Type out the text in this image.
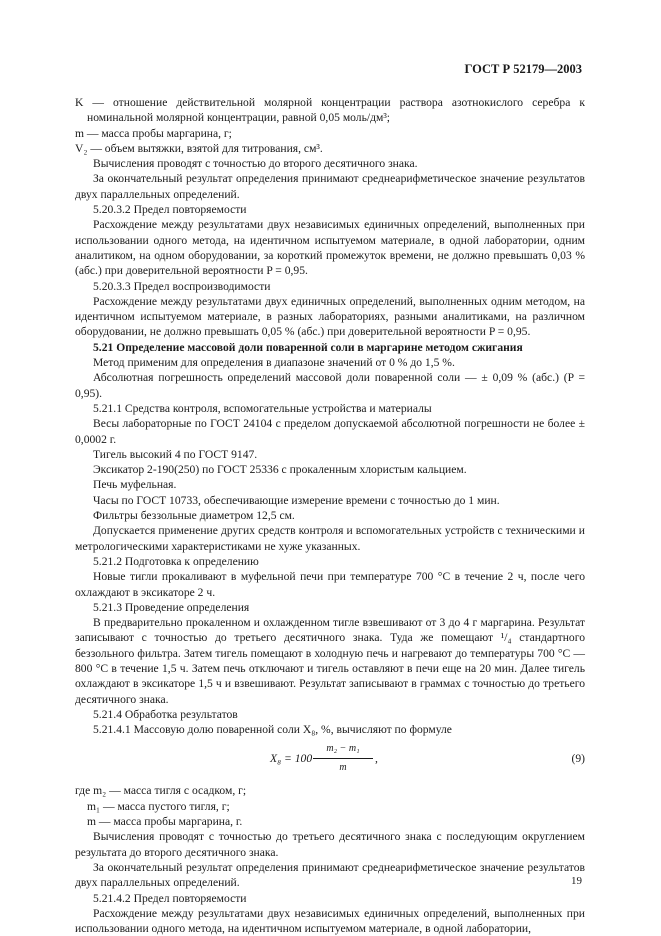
ГОСТ Р 52179—2003

K — отношение действительной молярной концентрации раствора азотнокислого серебра к номинальной молярной концентрации, равной 0,05 моль/дм³;

m — масса пробы маргарина, г;

V₂ — объем вытяжки, взятой для титрования, см³.

Вычисления проводят с точностью до второго десятичного знака.

За окончательный результат определения принимают среднеарифметическое значение результатов двух параллельных определений.

5.20.3.2 Предел повторяемости

Расхождение между результатами двух независимых единичных определений, выполненных при использовании одного метода, на идентичном испытуемом материале, в одной лаборатории, одним аналитиком, на одном оборудовании, за короткий промежуток времени, не должно превышать 0,03 % (абс.) при доверительной вероятности P = 0,95.

5.20.3.3 Предел воспроизводимости

Расхождение между результатами двух единичных определений, выполненных одним методом, на идентичном испытуемом материале, в разных лабораториях, разными аналитиками, на различном оборудовании, не должно превышать 0,05 % (абс.) при доверительной вероятности P = 0,95.

5.21 Определение массовой доли поваренной соли в маргарине методом сжигания

Метод применим для определения в диапазоне значений от 0 % до 1,5 %.

Абсолютная погрешность определений массовой доли поваренной соли — ± 0,09 % (абс.) (P = 0,95).

5.21.1 Средства контроля, вспомогательные устройства и материалы

Весы лабораторные по ГОСТ 24104 с пределом допускаемой абсолютной погрешности не более ± 0,0002 г.

Тигель высокий 4 по ГОСТ 9147.

Эксикатор 2-190(250) по ГОСТ 25336 с прокаленным хлористым кальцием.

Печь муфельная.

Часы по ГОСТ 10733, обеспечивающие измерение времени с точностью до 1 мин.

Фильтры беззольные диаметром 12,5 см.

Допускается применение других средств контроля и вспомогательных устройств с техническими и метрологическими характеристиками не хуже указанных.

5.21.2 Подготовка к определению

Новые тигли прокаливают в муфельной печи при температуре 700 °С в течение 2 ч, после чего охлаждают в эксикаторе 2 ч.

5.21.3 Проведение определения

В предварительно прокаленном и охлажденном тигле взвешивают от 3 до 4 г маргарина. Результат записывают с точностью до третьего десятичного знака. Туда же помещают ¹/₄ стандартного беззольного фильтра. Затем тигель помещают в холодную печь и нагревают до температуры 700 °С — 800 °С в течение 1,5 ч. Затем печь отключают и тигель оставляют в печи еще на 20 мин. Далее тигель охлаждают в эксикаторе 1,5 ч и взвешивают. Результат записывают в граммах с точностью до третьего десятичного знака.

5.21.4 Обработка результатов

5.21.4.1 Массовую долю поваренной соли X₈, %, вычисляют по формуле

$X_8 = 100 \frac{\text{m₂ − m₁}}{m}$ ,	(9)

где m₂ — масса тигля с осадком, г;

m₁ — масса пустого тигля, г;

m — масса пробы маргарина, г.

Вычисления проводят с точностью до третьего десятичного знака с последующим округлением результата до второго десятичного знака.

За окончательный результат определения принимают среднеарифметическое значение результатов двух параллельных определений.

5.21.4.2 Предел повторяемости

Расхождение между результатами двух независимых единичных определений, выполненных при использовании одного метода, на идентичном испытуемом материале, в одной лаборатории,

19
